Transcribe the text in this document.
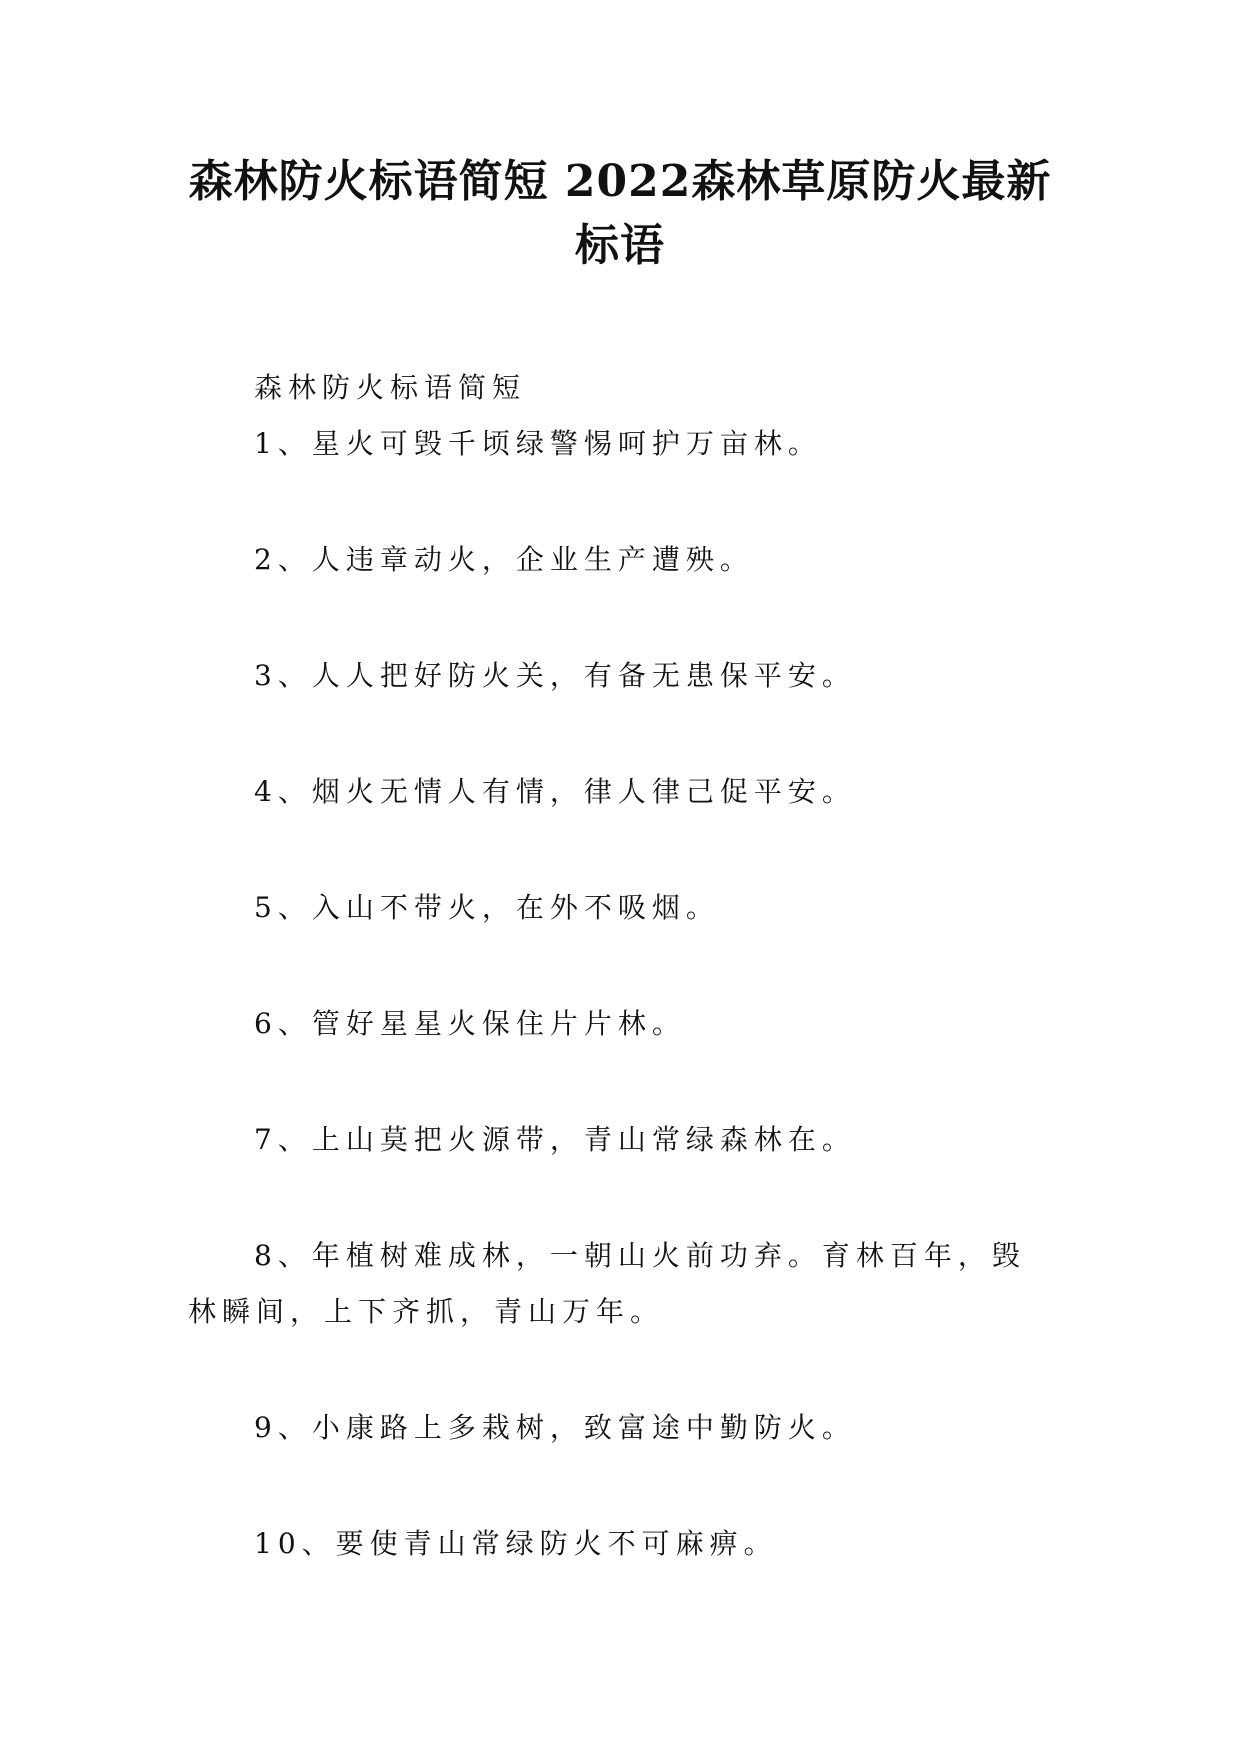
森林防火标语简短 2022森林草原防火最新标语

森林防火标语简短

1、星火可毁千顷绿警惕呵护万亩林。

2、人违章动火，企业生产遭殃。

3、人人把好防火关，有备无患保平安。

4、烟火无情人有情，律人律己促平安。

5、入山不带火，在外不吸烟。

6、管好星星火保住片片林。

7、上山莫把火源带，青山常绿森林在。

8、年植树难成林，一朝山火前功弃。育林百年，毁林瞬间，上下齐抓，青山万年。

9、小康路上多栽树，致富途中勤防火。

10、要使青山常绿防火不可麻痹。
